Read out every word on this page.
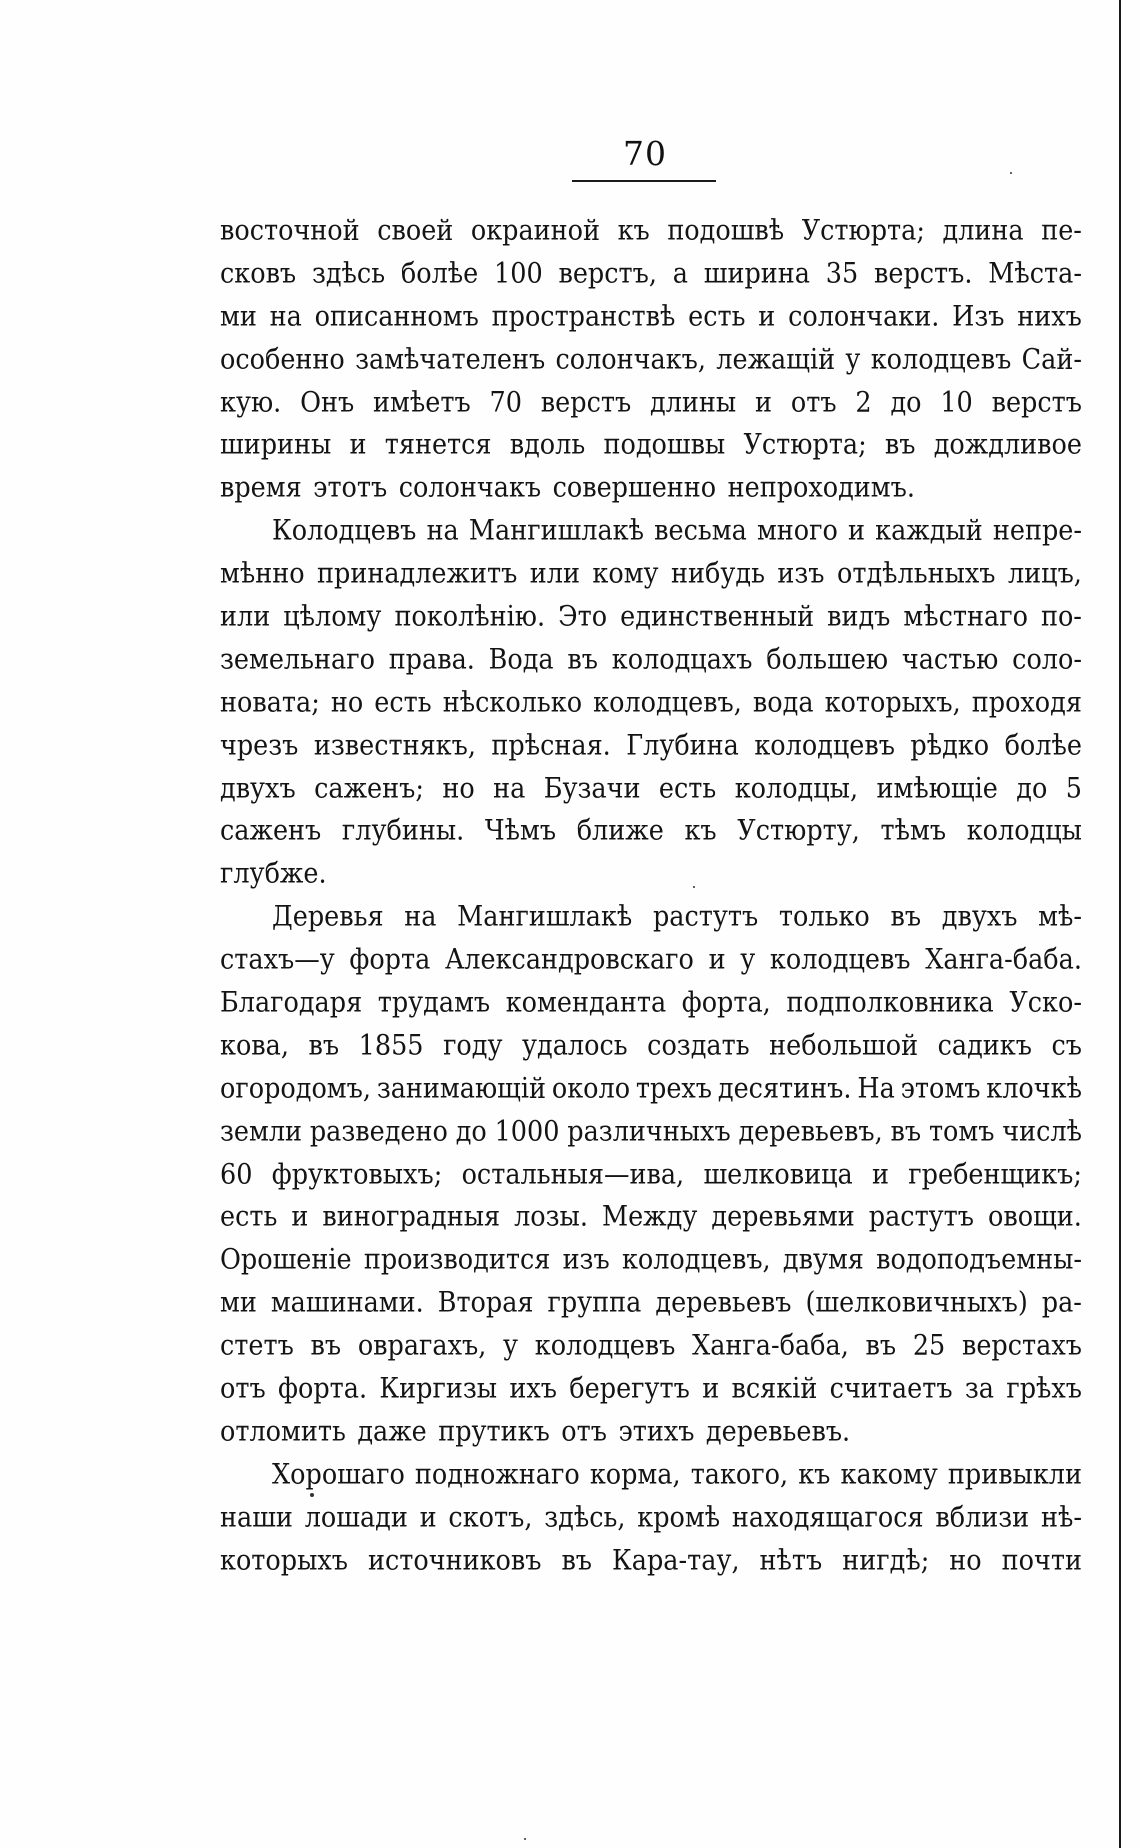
70
восточной своей окраиной къ подошвѣ Устюрта; длина пе-
сковъ здѣсь болѣе 100 верстъ, а ширина 35 верстъ. Мѣста-
ми на описанномъ пространствѣ есть и солончаки. Изъ нихъ
особенно замѣчателенъ солончакъ, лежащій у колодцевъ Сай-
кую. Онъ имѣетъ 70 верстъ длины и отъ 2 до 10 верстъ
ширины и тянется вдоль подошвы Устюрта; въ дождливое
время этотъ солончакъ совершенно непроходимъ.
Колодцевъ на Мангишлакѣ весьма много и каждый непре-
мѣнно принадлежитъ или кому нибудь изъ отдѣльныхъ лицъ,
или цѣлому поколѣнію. Это единственный видъ мѣстнаго по-
земельнаго права. Вода въ колодцахъ большею частью соло-
новата; но есть нѣсколько колодцевъ, вода которыхъ, проходя
чрезъ известнякъ, прѣсная. Глубина колодцевъ рѣдко болѣе
двухъ саженъ; но на Бузачи есть колодцы, имѣющіе до 5
саженъ глубины. Чѣмъ ближе къ Устюрту, тѣмъ колодцы
глубже.
Деревья на Мангишлакѣ растутъ только въ двухъ мѣ-
стахъ—у форта Александровскаго и у колодцевъ Ханга-баба.
Благодаря трудамъ коменданта форта, подполковника Уско-
кова, въ 1855 году удалось создать небольшой садикъ съ
огородомъ, занимающій около трехъ десятинъ. На этомъ клочкѣ
земли разведено до 1000 различныхъ деревьевъ, въ томъ числѣ
60 фруктовыхъ; остальныя—ива, шелковица и гребенщикъ;
есть и виноградныя лозы. Между деревьями растутъ овощи.
Орошеніе производится изъ колодцевъ, двумя водоподъемны-
ми машинами. Вторая группа деревьевъ (шелковичныхъ) ра-
стетъ въ оврагахъ, у колодцевъ Ханга-баба, въ 25 верстахъ
отъ форта. Киргизы ихъ берегутъ и всякій считаетъ за грѣхъ
отломить даже прутикъ отъ этихъ деревьевъ.
Хорошаго подножнаго корма, такого, къ какому привыкли
наши лошади и скотъ, здѣсь, кромѣ находящагося вблизи нѣ-
которыхъ источниковъ въ Кара-тау, нѣтъ нигдѣ; но почти
